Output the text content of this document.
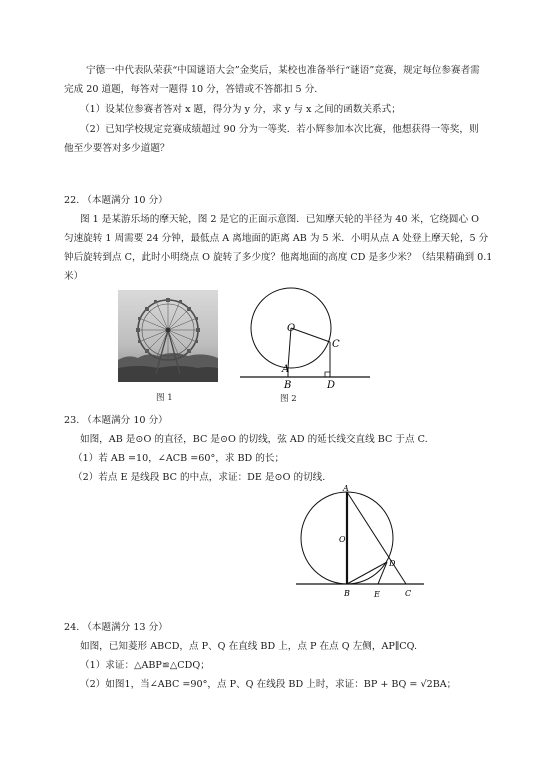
宁德一中代表队荣获“中国谜语大会”金奖后，某校也准备举行“谜语”竞赛，规定每位参赛者需
完成 20 道题，每答对一题得 10 分，答错或不答都扣 5 分.
（1）设某位参赛者答对 x 题，得分为 y 分，求 y 与 x 之间的函数关系式；
（2）已知学校规定竞赛成绩超过 90 分为一等奖．若小辉参加本次比赛，他想获得一等奖，则
他至少要答对多少道题？
22. （本题满分 10 分）
图 1 是某游乐场的摩天轮，图 2 是它的正面示意图．已知摩天轮的半径为 40 米，它绕圆心 O
匀速旋转 1 周需要 24 分钟，最低点 A 离地面的距离 AB 为 5 米．小明从点 A 处登上摩天轮，5 分
钟后旋转到点 C，此时小明绕点 O 旋转了多少度？他离地面的高度 CD 是多少米？（结果精确到 0.1
米）
图 1
O
A
B
C
D
图 2
23. （本题满分 10 分）
如图，AB 是⊙O 的直径，BC 是⊙O 的切线，弦 AD 的延长线交直线 BC 于点 C.
（1）若 AB =10，∠ACB =60°，求 BD 的长；
（2）若点 E 是线段 BC 的中点，求证：DE 是⊙O 的切线.
A
O
D
B	E	C
24. （本题满分 13 分）
如图，已知菱形 ABCD，点 P、Q 在直线 BD 上，点 P 在点 Q 左侧，AP∥CQ.
（1）求证：△ABP≌△CDQ；
（2）如图1，当∠ABC =90°，点 P、Q 在线段 BD 上时，求证：BP + BQ = √2BA；
